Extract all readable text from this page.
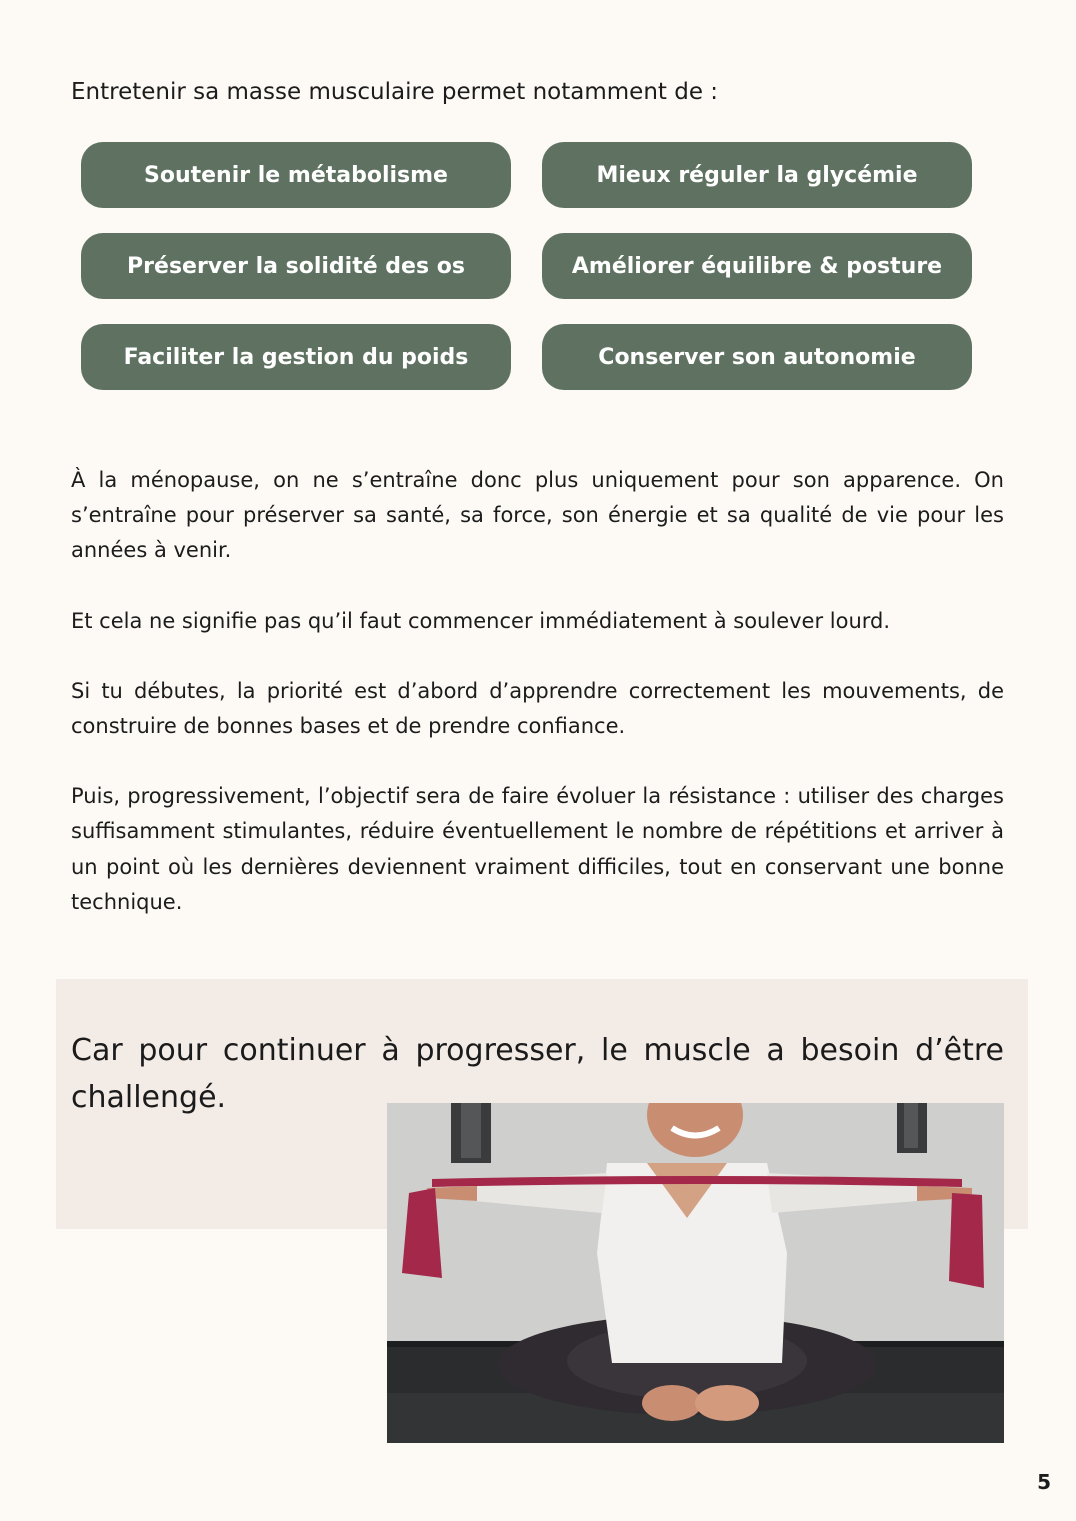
Entretenir sa masse musculaire permet notamment de :
Soutenir le métabolisme	Mieux réguler la glycémie
Préserver la solidité des os	Améliorer équilibre & posture
Faciliter la gestion du poids	Conserver son autonomie

À la ménopause, on ne s’entraîne donc plus uniquement pour son apparence. On s’entraîne pour préserver sa santé, sa force, son énergie et sa qualité de vie pour les années à venir.

Et cela ne signifie pas qu’il faut commencer immédiatement à soulever lourd.

Si tu débutes, la priorité est d’abord d’apprendre correctement les mouvements, de construire de bonnes bases et de prendre confiance.

Puis, progressivement, l’objectif sera de faire évoluer la résistance : utiliser des charges suffisamment stimulantes, réduire éventuellement le nombre de répétitions et arriver à un point où les dernières deviennent vraiment difficiles, tout en conservant une bonne technique.

Car pour continuer à progresser, le muscle a besoin d’être challengé.

5
